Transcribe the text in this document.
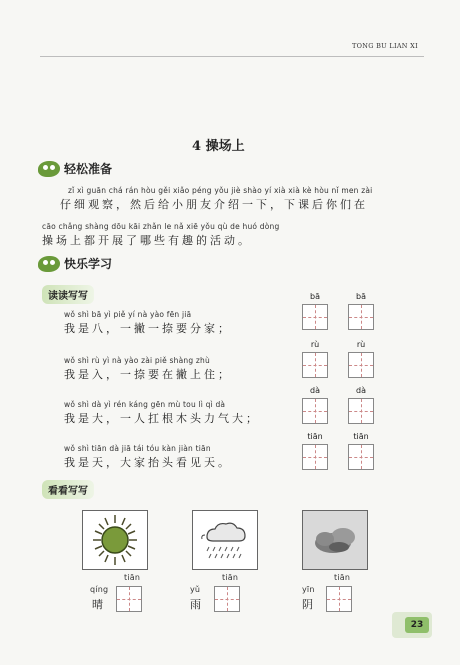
TONG BU LIAN XI
4 操场上
轻松准备
zǐ xì guān chá rán hòu gěi xiǎo péng yǒu jiè shào yí xià xià kè hòu nǐ men zài
仔细观察，然后给小朋友介绍一下，下课后你们在
cāo chǎng shàng dōu kāi zhǎn le nǎ xiē yǒu qù de huó dòng
操场上都开展了哪些有趣的活动。
快乐学习
读读写写
wǒ shì bā yì piě yí nà yào fēn jiā
我是八，一撇一捺要分家；
wǒ shì rù yì nà yào zài piě shàng zhù
我是入，一捺要在撇上住；
wǒ shì dà yì rén káng gēn mù tou lì qì dà
我是大，一人扛根木头力气大；
wǒ shì tiān dà jiā tái tóu kàn jiàn tiān
我是天，大家抬头看见天。
bā	bā
rù	rù
dà	dà
tiān	tiān
看看写写
tiān
qíng
晴
tiān
yǔ
雨
tiān
yīn
阴
23
